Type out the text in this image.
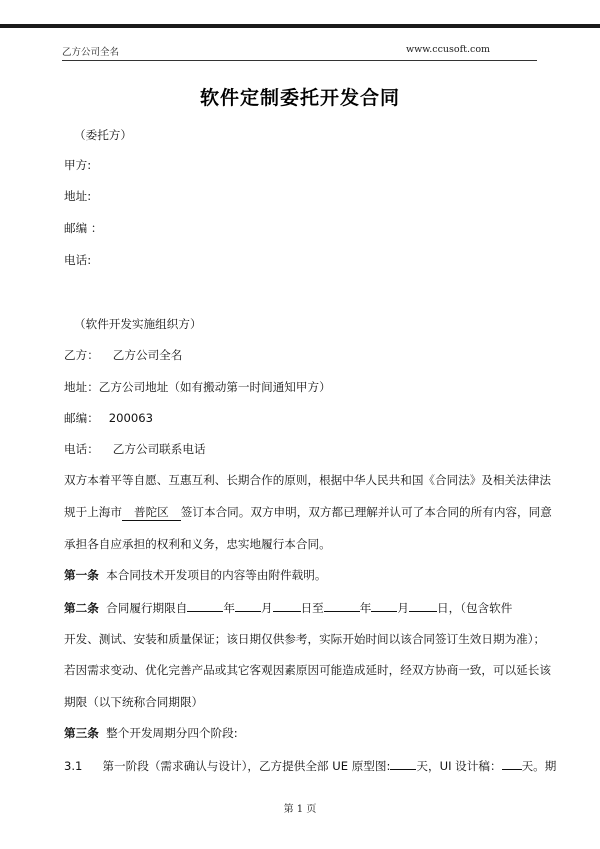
乙方公司全名	www.ccusoft.com
软件定制委托开发合同
（委托方）
甲方:
地址:
邮编 ：
电话:
（软件开发实施组织方）
乙方： 乙方公司全名
地址：乙方公司地址（如有搬动第一时间通知甲方）
邮编： 200063
电话： 乙方公司联系电话
双方本着平等自愿、互惠互利、长期合作的原则，根据中华人民共和国《合同法》及相关法律法
规于上海市 普陀区 签订本合同。双方申明，双方都已理解并认可了本合同的所有内容，同意
承担各自应承担的权利和义务，忠实地履行本合同。
第一条 本合同技术开发项目的内容等由附件载明。
第二条 合同履行期限自	年 月 日至	年 月 日，（包含软件
开发、测试、安装和质量保证；该日期仅供参考，实际开始时间以该合同签订生效日期为准）；
若因需求变动、优化完善产品或其它客观因素原因可能造成延时，经双方协商一致，可以延长该
期限（以下统称合同期限）
第三条 整个开发周期分四个阶段:
3.1 第一阶段（需求确认与设计），乙方提供全部 UE 原型图: 天，UI 设计稿： 天。期
第 1 页
